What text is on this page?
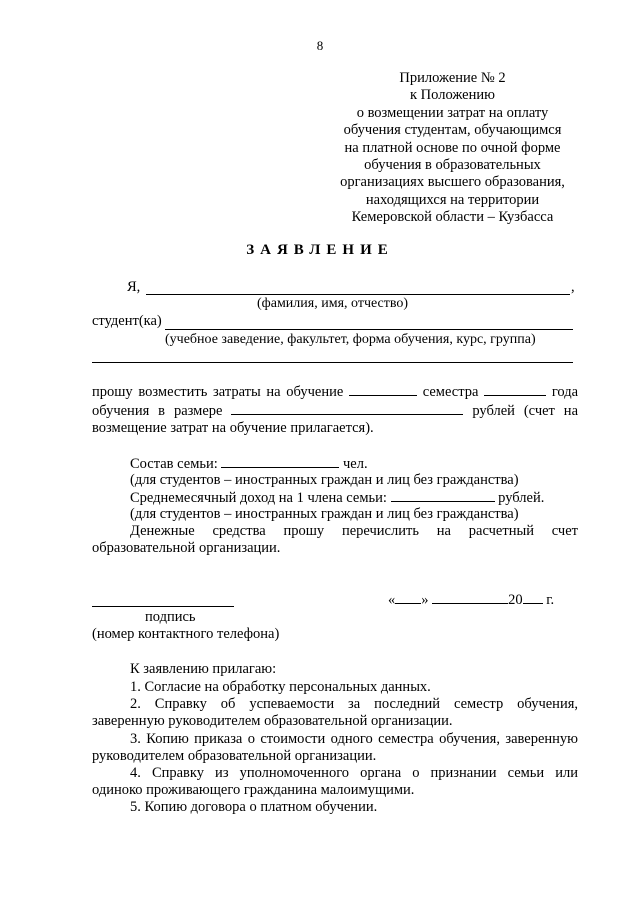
8
Приложение № 2
к Положению
о возмещении затрат на оплату
обучения студентам, обучающимся
на платной основе по очной форме
обучения в образовательных
организациях высшего образования,
находящихся на территории
Кемеровской области – Кузбасса
ЗАЯВЛЕНИЕ
Я,	,
(фамилия, имя, отчество)
студент(ка)
(учебное заведение, факультет, форма обучения, курс, группа)
прошу возместить затраты на обучение	семестра	года
обучения в размере	рублей (счет на
возмещение затрат на обучение прилагается).
Состав семьи:	чел.
(для студентов – иностранных граждан и лиц без гражданства)
Среднемесячный доход на 1 члена семьи:	рублей.
(для студентов – иностранных граждан и лиц без гражданства)
Денежные средства прошу перечислить на расчетный счет
образовательной организации.
« »	20 г.
подпись
(номер контактного телефона)
К заявлению прилагаю:
1. Согласие на обработку персональных данных.
2. Справку об успеваемости за последний семестр обучения,
заверенную руководителем образовательной организации.
3. Копию приказа о стоимости одного семестра обучения, заверенную
руководителем образовательной организации.
4. Справку из уполномоченного органа о признании семьи или
одиноко проживающего гражданина малоимущими.
5. Копию договора о платном обучении.
